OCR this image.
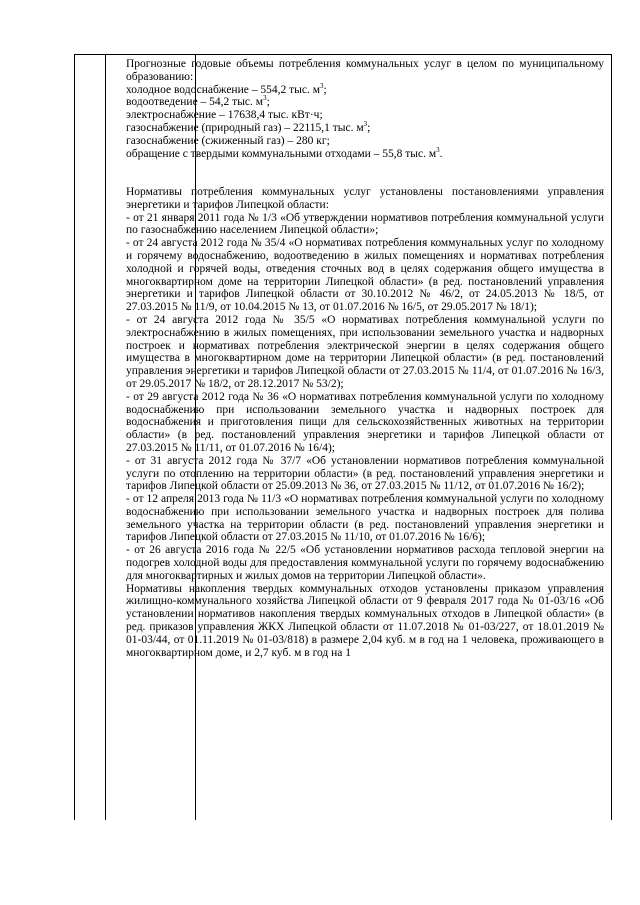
Прогнозные годовые объемы потребления коммунальных услуг в целом по муниципальному образованию:

холодное водоснабжение – 554,2 тыс. $м^3$;

водоотведение – 54,2 тыс. $м^3$;

электроснабжение – 17638,4 тыс. кВт·ч;

газоснабжение (природный газ) – 22115,1 тыс. $м^3$;

газоснабжение (сжиженный газ) – 280 кг;

обращение с твердыми коммунальными отходами – 55,8 тыс. $м^3$.

Нормативы потребления коммунальных услуг установлены постановлениями управления энергетики и тарифов Липецкой области:

- от 21 января 2011 года № 1/3 «Об утверждении нормативов потребления коммунальной услуги по газоснабжению населением Липецкой области»;

- от 24 августа 2012 года № 35/4 «О нормативах потребления коммунальных услуг по холодному и горячему водоснабжению, водоотведению в жилых помещениях и нормативах потребления холодной и горячей воды, отведения сточных вод в целях содержания общего имущества в многоквартирном доме на территории Липецкой области» (в ред. постановлений управления энергетики и тарифов Липецкой области от 30.10.2012 № 46/2, от 24.05.2013 № 18/5, от 27.03.2015 № 11/9, от 10.04.2015 № 13, от 01.07.2016 № 16/5, от 29.05.2017 № 18/1);

- от 24 августа 2012 года № 35/5 «О нормативах потребления коммунальной услуги по электроснабжению в жилых помещениях, при использовании земельного участка и надворных построек и нормативах потребления электрической энергии в целях содержания общего имущества в многоквартирном доме на территории Липецкой области» (в ред. постановлений управления энергетики и тарифов Липецкой области от 27.03.2015 № 11/4, от 01.07.2016 № 16/3, от 29.05.2017 № 18/2, от 28.12.2017 № 53/2);

- от 29 августа 2012 года № 36 «О нормативах потребления коммунальной услуги по холодному водоснабжению при использовании земельного участка и надворных построек для водоснабжения и приготовления пищи для сельскохозяйственных животных на территории области» (в ред. постановлений управления энергетики и тарифов Липецкой области от 27.03.2015 № 11/11, от 01.07.2016 № 16/4);

- от 31 августа 2012 года № 37/7 «Об установлении нормативов потребления коммунальной услуги по отоплению на территории области» (в ред. постановлений управления энергетики и тарифов Липецкой области от 25.09.2013 № 36, от 27.03.2015 № 11/12, от 01.07.2016 № 16/2);

- от 12 апреля 2013 года № 11/3 «О нормативах потребления коммунальной услуги по холодному водоснабжению при использовании земельного участка и надворных построек для полива земельного участка на территории области (в ред. постановлений управления энергетики и тарифов Липецкой области от 27.03.2015 № 11/10, от 01.07.2016 № 16/6);

- от 26 августа 2016 года № 22/5 «Об установлении нормативов расхода тепловой энергии на подогрев холодной воды для предоставления коммунальной услуги по горячему водоснабжению для многоквартирных и жилых домов на территории Липецкой области».

Нормативы накопления твердых коммунальных отходов установлены приказом управления жилищно-коммунального хозяйства Липецкой области от 9 февраля 2017 года № 01-03/16 «Об установлении нормативов накопления твердых коммунальных отходов в Липецкой области» (в ред. приказов управления ЖКХ Липецкой области от 11.07.2018 № 01-03/227, от 18.01.2019 № 01-03/44, от 01.11.2019 № 01-03/818) в размере 2,04 куб. м в год на 1 человека, проживающего в многоквартирном доме, и 2,7 куб. м в год на 1
